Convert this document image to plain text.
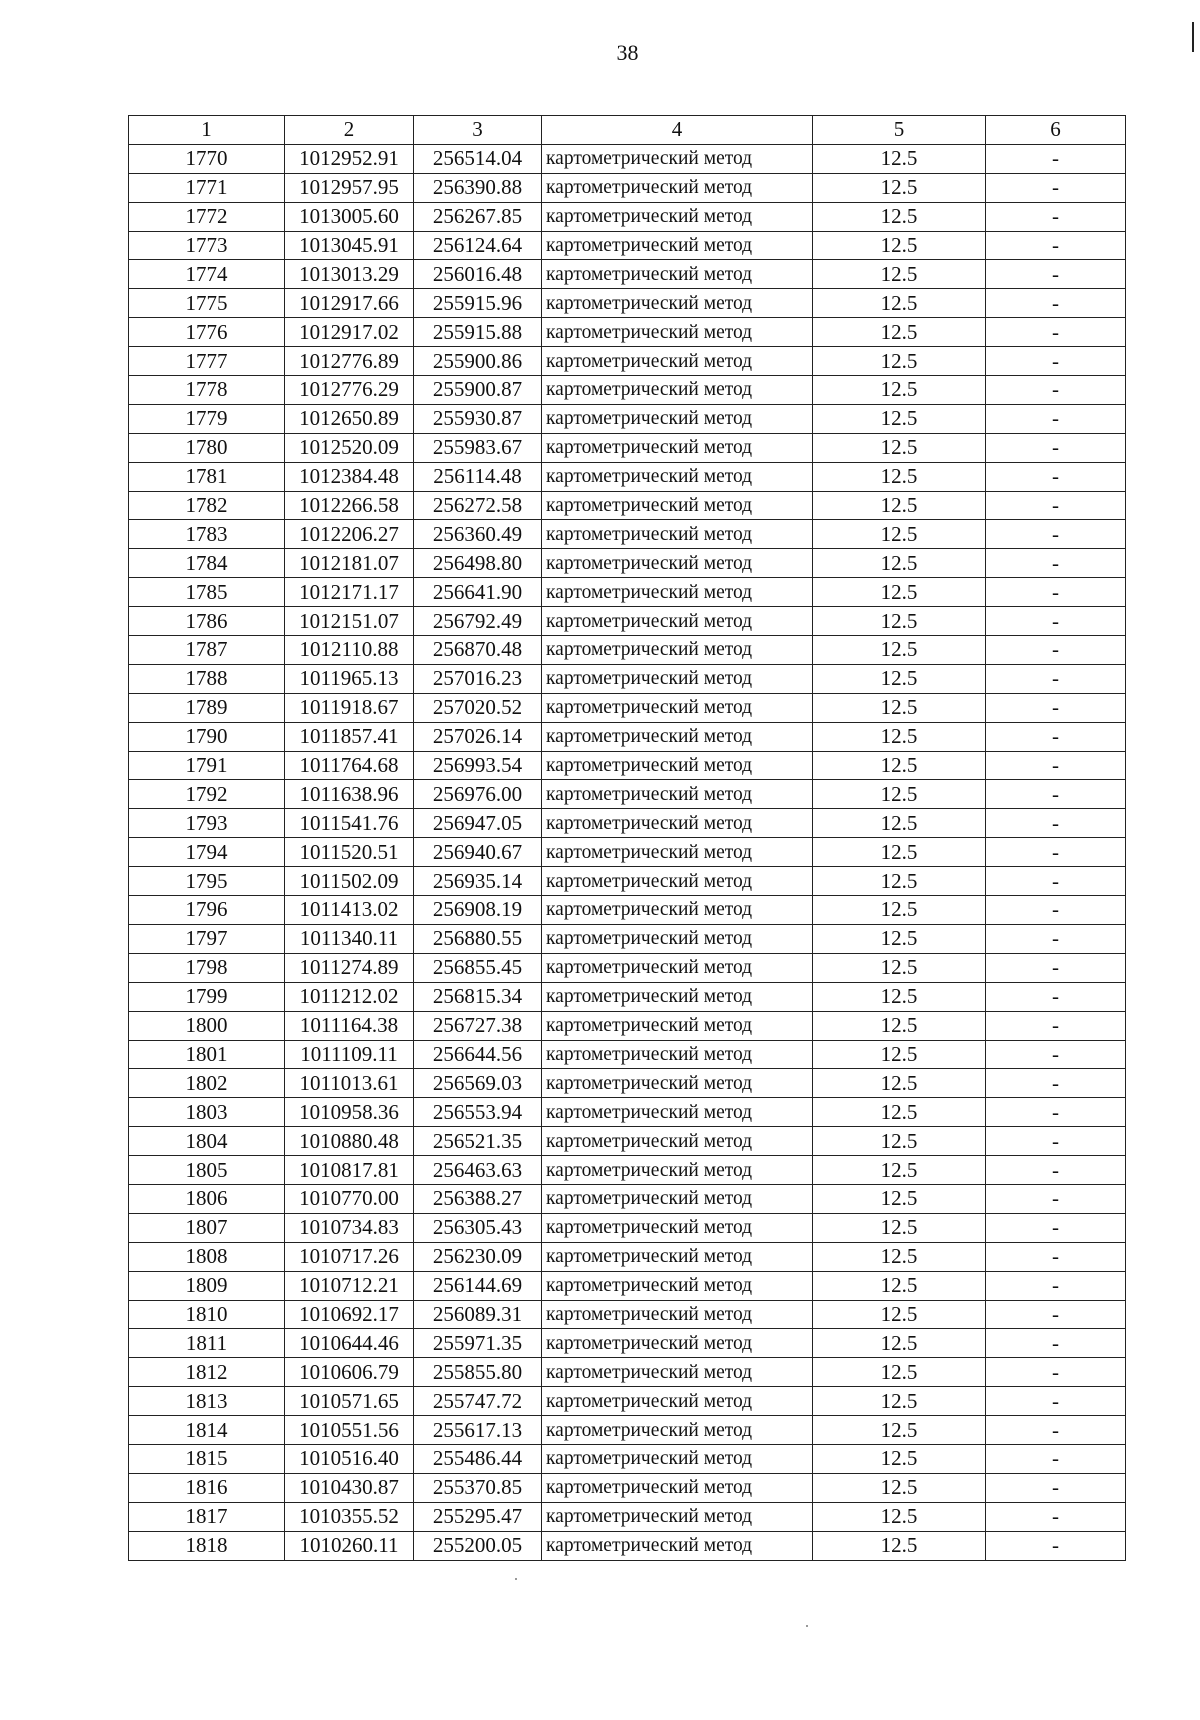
38
1	2	3	4	5	6
1770	1012952.91	256514.04	картометрический метод	12.5	-
1771	1012957.95	256390.88	картометрический метод	12.5	-
1772	1013005.60	256267.85	картометрический метод	12.5	-
1773	1013045.91	256124.64	картометрический метод	12.5	-
1774	1013013.29	256016.48	картометрический метод	12.5	-
1775	1012917.66	255915.96	картометрический метод	12.5	-
1776	1012917.02	255915.88	картометрический метод	12.5	-
1777	1012776.89	255900.86	картометрический метод	12.5	-
1778	1012776.29	255900.87	картометрический метод	12.5	-
1779	1012650.89	255930.87	картометрический метод	12.5	-
1780	1012520.09	255983.67	картометрический метод	12.5	-
1781	1012384.48	256114.48	картометрический метод	12.5	-
1782	1012266.58	256272.58	картометрический метод	12.5	-
1783	1012206.27	256360.49	картометрический метод	12.5	-
1784	1012181.07	256498.80	картометрический метод	12.5	-
1785	1012171.17	256641.90	картометрический метод	12.5	-
1786	1012151.07	256792.49	картометрический метод	12.5	-
1787	1012110.88	256870.48	картометрический метод	12.5	-
1788	1011965.13	257016.23	картометрический метод	12.5	-
1789	1011918.67	257020.52	картометрический метод	12.5	-
1790	1011857.41	257026.14	картометрический метод	12.5	-
1791	1011764.68	256993.54	картометрический метод	12.5	-
1792	1011638.96	256976.00	картометрический метод	12.5	-
1793	1011541.76	256947.05	картометрический метод	12.5	-
1794	1011520.51	256940.67	картометрический метод	12.5	-
1795	1011502.09	256935.14	картометрический метод	12.5	-
1796	1011413.02	256908.19	картометрический метод	12.5	-
1797	1011340.11	256880.55	картометрический метод	12.5	-
1798	1011274.89	256855.45	картометрический метод	12.5	-
1799	1011212.02	256815.34	картометрический метод	12.5	-
1800	1011164.38	256727.38	картометрический метод	12.5	-
1801	1011109.11	256644.56	картометрический метод	12.5	-
1802	1011013.61	256569.03	картометрический метод	12.5	-
1803	1010958.36	256553.94	картометрический метод	12.5	-
1804	1010880.48	256521.35	картометрический метод	12.5	-
1805	1010817.81	256463.63	картометрический метод	12.5	-
1806	1010770.00	256388.27	картометрический метод	12.5	-
1807	1010734.83	256305.43	картометрический метод	12.5	-
1808	1010717.26	256230.09	картометрический метод	12.5	-
1809	1010712.21	256144.69	картометрический метод	12.5	-
1810	1010692.17	256089.31	картометрический метод	12.5	-
1811	1010644.46	255971.35	картометрический метод	12.5	-
1812	1010606.79	255855.80	картометрический метод	12.5	-
1813	1010571.65	255747.72	картометрический метод	12.5	-
1814	1010551.56	255617.13	картометрический метод	12.5	-
1815	1010516.40	255486.44	картометрический метод	12.5	-
1816	1010430.87	255370.85	картометрический метод	12.5	-
1817	1010355.52	255295.47	картометрический метод	12.5	-
1818	1010260.11	255200.05	картометрический метод	12.5	-
